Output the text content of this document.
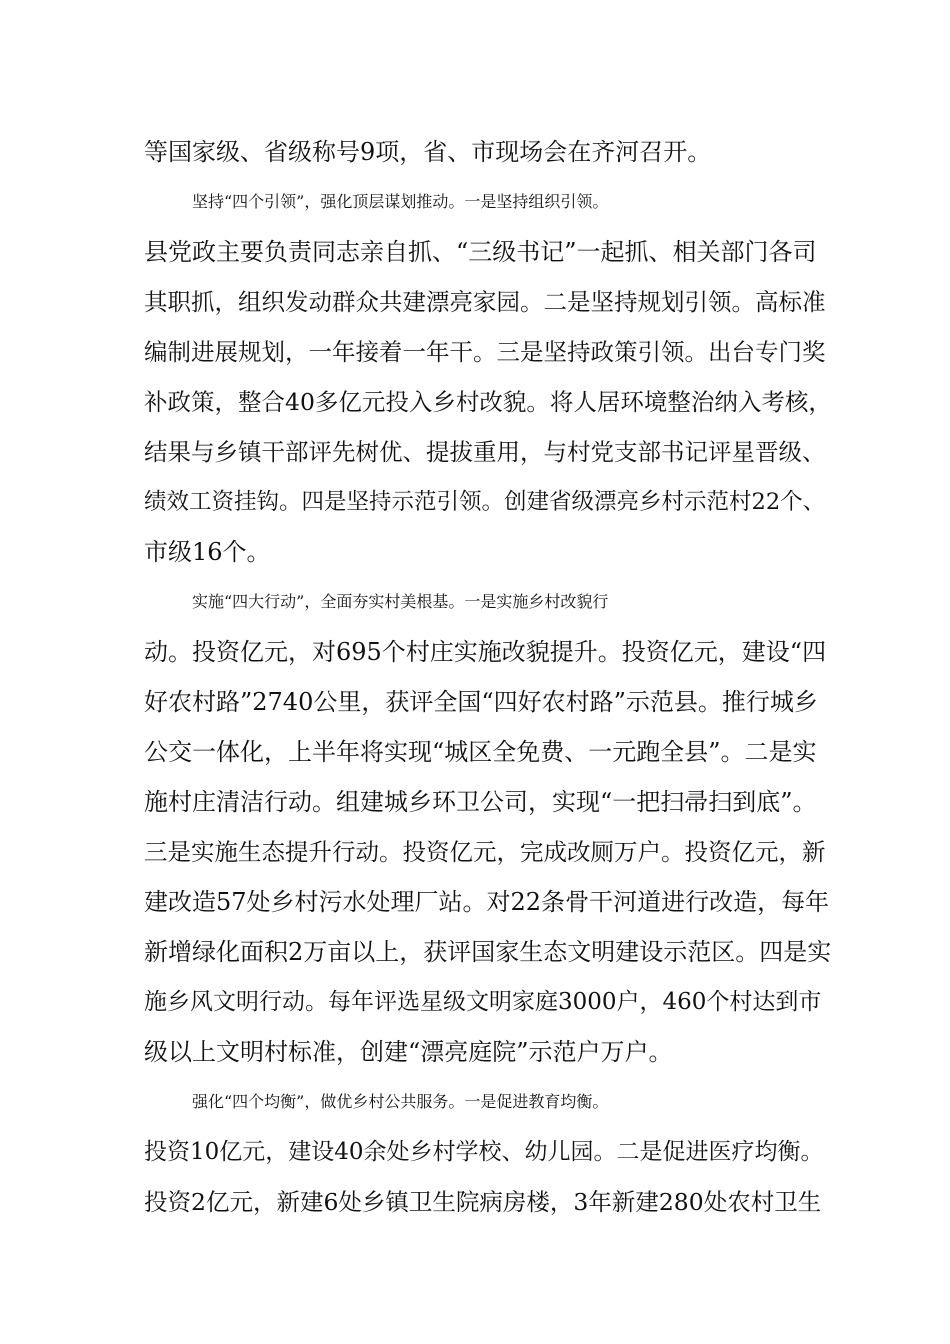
等国家级、省级称号9项，省、市现场会在齐河召开。
坚持“四个引领”，强化顶层谋划推动。一是坚持组织引领。
县党政主要负责同志亲自抓、“三级书记”一起抓、相关部门各司
其职抓，组织发动群众共建漂亮家园。二是坚持规划引领。高标准
编制进展规划，一年接着一年干。三是坚持政策引领。出台专门奖
补政策，整合40多亿元投入乡村改貌。将人居环境整治纳入考核，
结果与乡镇干部评先树优、提拔重用，与村党支部书记评星晋级、
绩效工资挂钩。四是坚持示范引领。创建省级漂亮乡村示范村22个、
市级16个。
实施“四大行动”，全面夯实村美根基。一是实施乡村改貌行
动。投资亿元，对695个村庄实施改貌提升。投资亿元，建设“四
好农村路”2740公里，获评全国“四好农村路”示范县。推行城乡
公交一体化，上半年将实现“城区全免费、一元跑全县”。二是实
施村庄清洁行动。组建城乡环卫公司，实现“一把扫帚扫到底”。
三是实施生态提升行动。投资亿元，完成改厕万户。投资亿元，新
建改造57处乡村污水处理厂站。对22条骨干河道进行改造，每年
新增绿化面积2万亩以上，获评国家生态文明建设示范区。四是实
施乡风文明行动。每年评选星级文明家庭3000户，460个村达到市
级以上文明村标准，创建“漂亮庭院”示范户万户。
强化“四个均衡”，做优乡村公共服务。一是促进教育均衡。
投资10亿元，建设40余处乡村学校、幼儿园。二是促进医疗均衡。
投资2亿元，新建6处乡镇卫生院病房楼，3年新建280处农村卫生
